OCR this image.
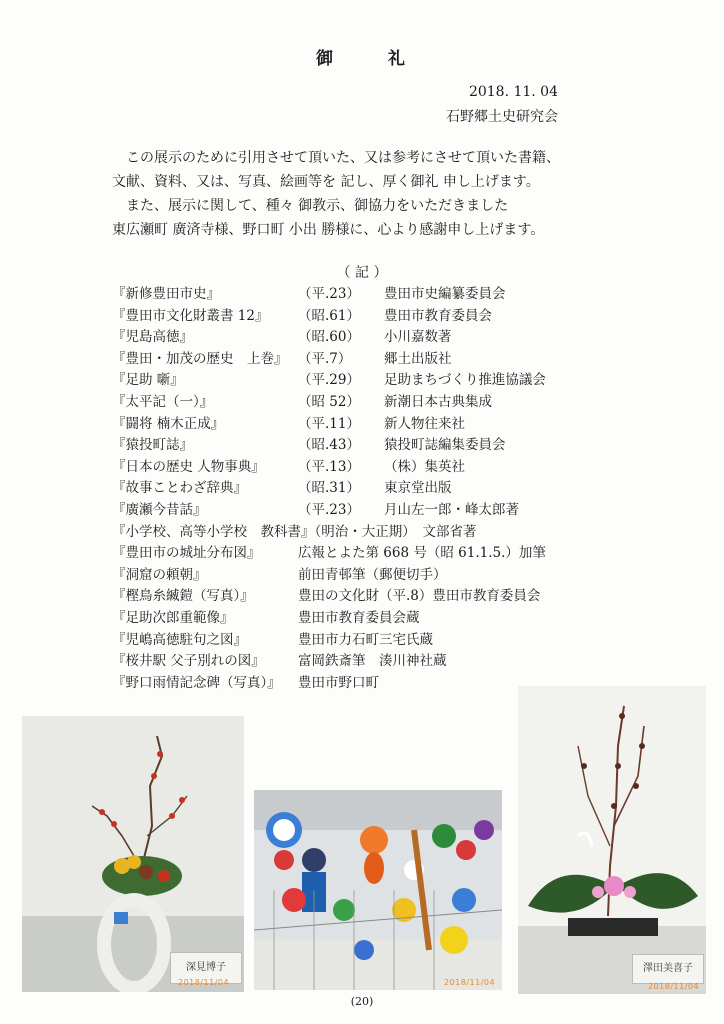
御	礼
2018. 11. 04
石野郷土史研究会

この展示のために引用させて頂いた、又は参考にさせて頂いた書籍、

文献、資料、又は、写真、絵画等を 記し、厚く御礼 申し上げます。

また、展示に関して、種々 御教示、御協力をいただきました

東広瀬町 廣済寺様、野口町 小出 勝様に、心より感謝申し上げます。

（ 記 ）
『新修豊田市史』	（平.23） 豊田市史編纂委員会
『豊田市文化財叢書 12』 （昭.61） 豊田市教育委員会
『児島高徳』	（昭.60） 小川嘉数著
『豊田・加茂の歴史　上巻』 （平.7） 郷土出版社
『足助 噺』	（平.29） 足助まちづくり推進協議会
『太平記（一）』	（昭 52） 新潮日本古典集成
『闘将 楠木正成』	（平.11） 新人物往来社
『猿投町誌』	（昭.43） 猿投町誌編集委員会
『日本の歴史 人物事典』 （平.13） （株）集英社
『故事ことわざ辞典』	（昭.31） 東京堂出版
『廣瀬今昔話』	（平.23） 月山左一郎・峰太郎著
『小学校、高等小学校　教科書』（明治・大正期）　文部省著
『豊田市の城址分布図』	広報とよた第 668 号（昭 61.1.5.）加筆
『洞窟の頼朝』	前田青邨筆（郵便切手）
『樫鳥糸縅鎧（写真）』	豊田の文化財（平.8）豊田市教育委員会
『足助次郎重範像』	豊田市教育委員会蔵
『児嶋高徳駐句之図』	豊田市力石町三宅氏蔵
『桜井駅 父子別れの図』 富岡鉄斎筆　湊川神社蔵
『野口雨情記念碑（写真）』 豊田市野口町
深見博子
2018/11/04	2018/11/04
澤田美喜子
2018/11/04
(20)
